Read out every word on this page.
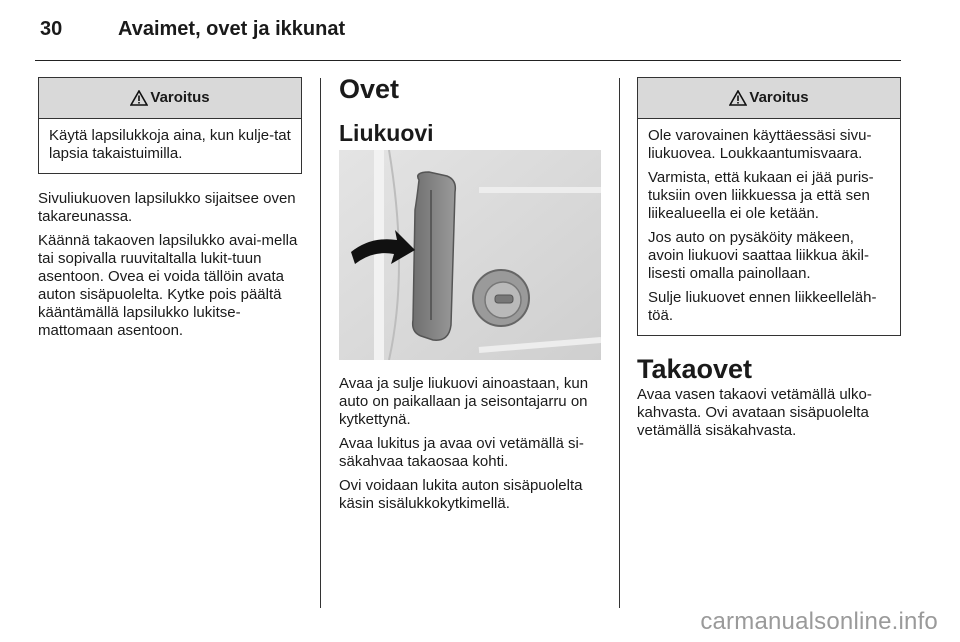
30	Avaimet, ovet ja ikkunat
Varoitus

Käytä lapsilukkoja aina, kun kulje-tat lapsia takaistuimilla.

Sivuliukuoven lapsilukko sijaitsee oven takareunassa.

Käännä takaoven lapsilukko avai-mella tai sopivalla ruuvitaltalla lukit-tuun asentoon. Ovea ei voida tällöin avata auton sisäpuolelta. Kytke pois päältä kääntämällä lapsilukko lukitse-mattomaan asentoon.

Ovet
Liukuovi

Avaa ja sulje liukuovi ainoastaan, kun auto on paikallaan ja seisontajarru on kytkettynä.

Avaa lukitus ja avaa ovi vetämällä si-säkahvaa takaosaa kohti.

Ovi voidaan lukita auton sisäpuolelta käsin sisälukkokytkimellä.

Varoitus

Ole varovainen käyttäessäsi sivu-liukuovea. Loukkaantumisvaara.

Varmista, että kukaan ei jää puris-tuksiin oven liikkuessa ja että sen liikealueella ei ole ketään.

Jos auto on pysäköity mäkeen, avoin liukuovi saattaa liikkua äkil-lisesti omalla painollaan.

Sulje liukuovet ennen liikkeelleläh-töä.

Takaovet

Avaa vasen takaovi vetämällä ulko-kahvasta. Ovi avataan sisäpuolelta vetämällä sisäkahvasta.

carmanualsonline.info
